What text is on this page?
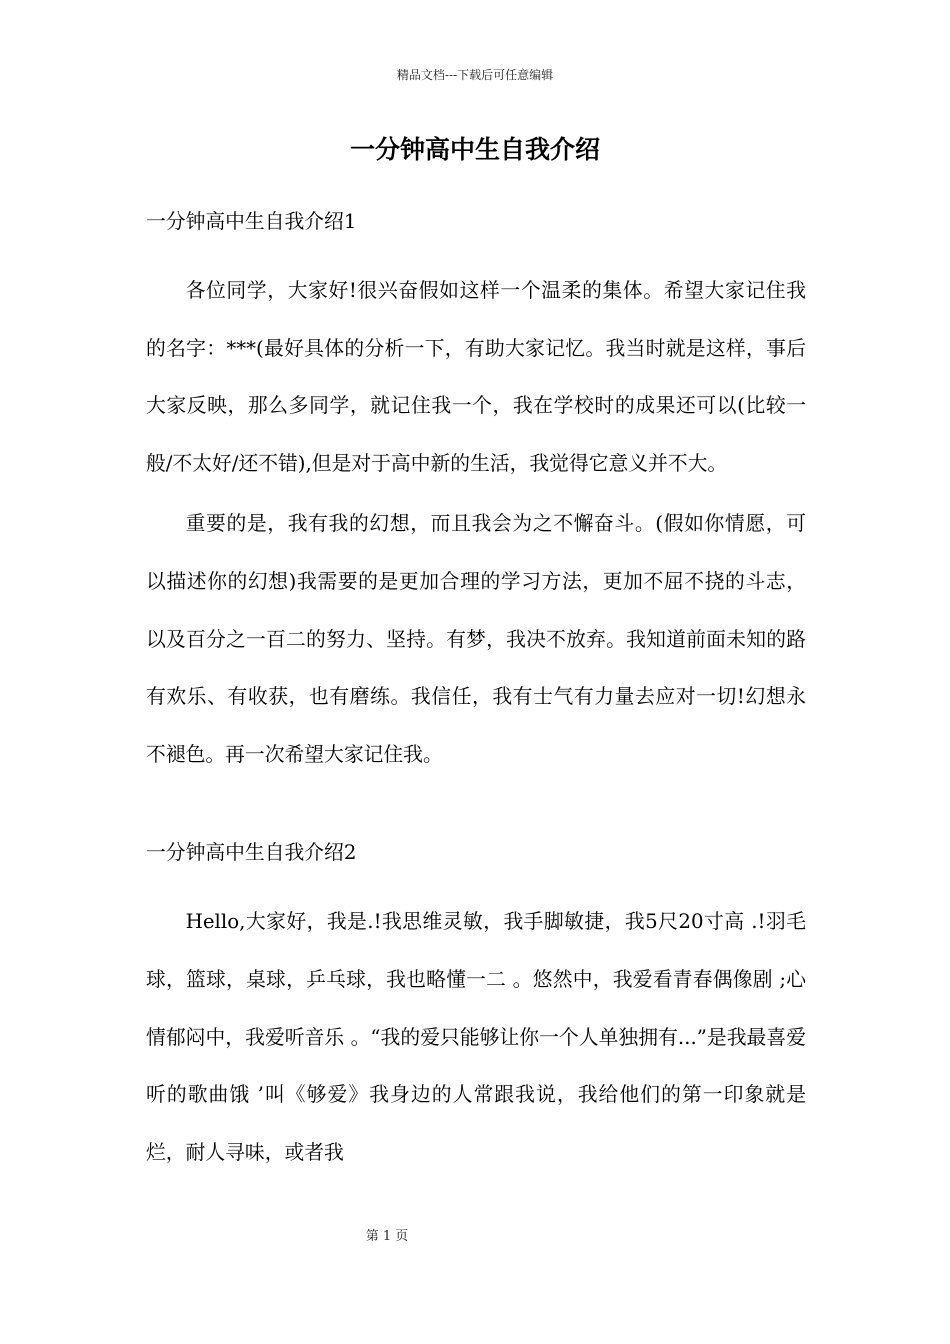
精品文档---下载后可任意编辑
一分钟高中生自我介绍
一分钟高中生自我介绍1

各位同学，大家好!很兴奋假如这样一个温柔的集体。希望大家记住我的名字：***(最好具体的分析一下，有助大家记忆。我当时就是这样，事后大家反映，那么多同学，就记住我一个，我在学校时的成果还可以(比较一般/不太好/还不错),但是对于高中新的生活，我觉得它意义并不大。

重要的是，我有我的幻想，而且我会为之不懈奋斗。(假如你情愿，可以描述你的幻想)我需要的是更加合理的学习方法，更加不屈不挠的斗志，以及百分之一百二的努力、坚持。有梦，我决不放弃。我知道前面未知的路有欢乐、有收获，也有磨练。我信任，我有士气有力量去应对一切!幻想永不褪色。再一次希望大家记住我。

一分钟高中生自我介绍2

Hello,大家好，我是.!我思维灵敏，我手脚敏捷，我5尺20寸高 .!羽毛球，篮球，桌球，乒乓球，我也略懂一二 。悠然中，我爱看青春偶像剧 ;心情郁闷中，我爱听音乐 。“我的爱只能够让你一个人单独拥有...”是我最喜爱听的歌曲饿 ’叫《够爱》我身边的人常跟我说，我给他们的第一印象就是烂，耐人寻味，或者我

第 1 页
